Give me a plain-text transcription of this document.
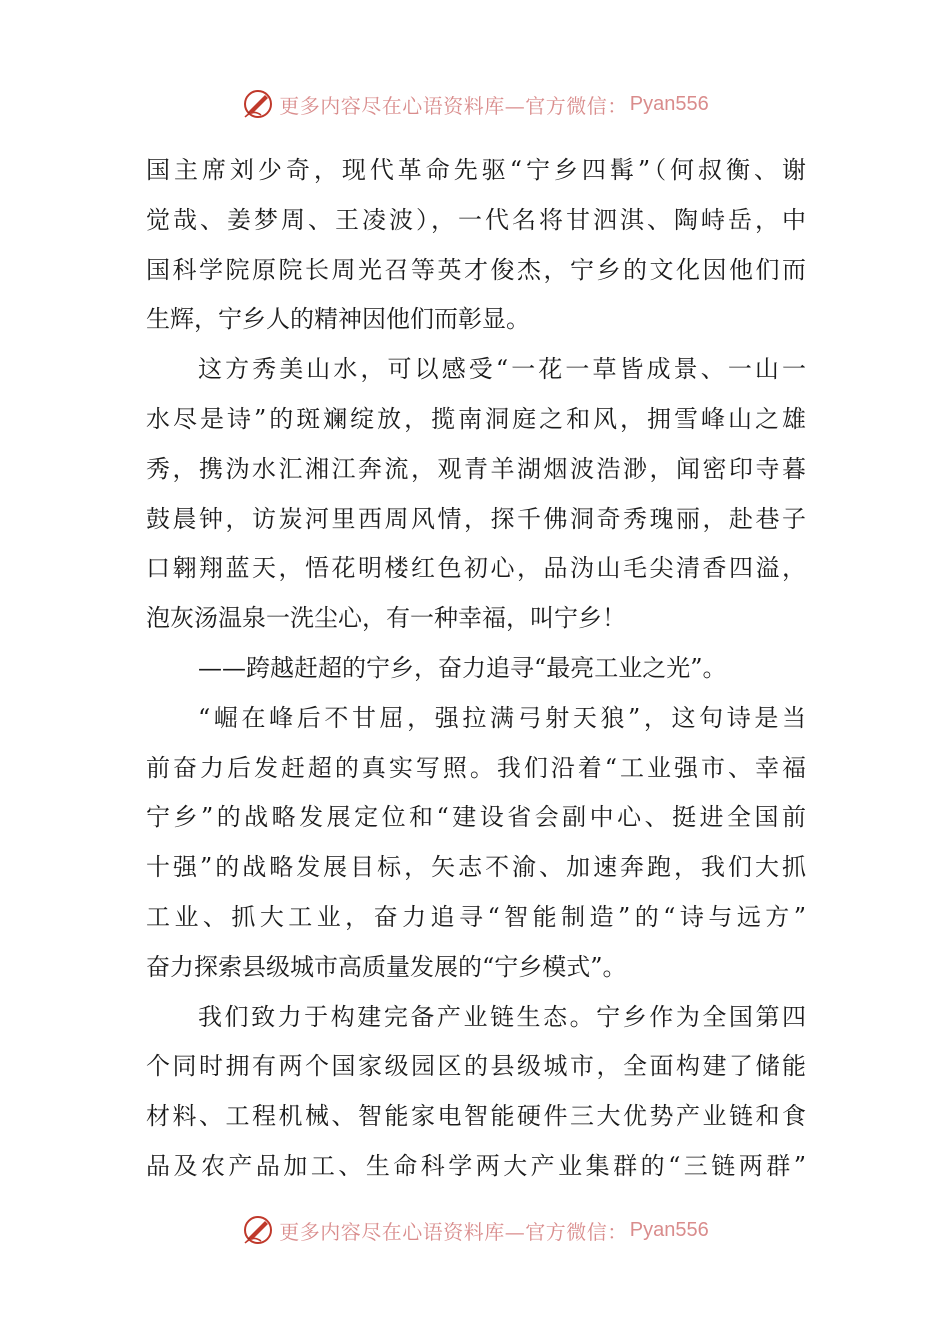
更多内容尽在心语资料库—官方微信： Pyan556
国主席刘少奇，现代革命先驱“宁乡四髯”（何叔衡、谢
觉哉、姜梦周、王凌波），一代名将甘泗淇、陶峙岳，中
国科学院原院长周光召等英才俊杰，宁乡的文化因他们而
生辉，宁乡人的精神因他们而彰显。
这方秀美山水，可以感受“一花一草皆成景、一山一
水尽是诗”的斑斓绽放，揽南洞庭之和风，拥雪峰山之雄
秀，携沩水汇湘江奔流，观青羊湖烟波浩渺，闻密印寺暮
鼓晨钟，访炭河里西周风情，探千佛洞奇秀瑰丽，赴巷子
口翱翔蓝天，悟花明楼红色初心，品沩山毛尖清香四溢，
泡灰汤温泉一洗尘心，有一种幸福，叫宁乡！
——跨越赶超的宁乡，奋力追寻“最亮工业之光”。
“崛在峰后不甘屈，强拉满弓射天狼”，这句诗是当
前奋力后发赶超的真实写照。我们沿着“工业强市、幸福
宁乡”的战略发展定位和“建设省会副中心、挺进全国前
十强”的战略发展目标，矢志不渝、加速奔跑，我们大抓
工业、抓大工业，奋力追寻“智能制造”的“诗与远方”
奋力探索县级城市高质量发展的“宁乡模式”。
我们致力于构建完备产业链生态。宁乡作为全国第四
个同时拥有两个国家级园区的县级城市，全面构建了储能
材料、工程机械、智能家电智能硬件三大优势产业链和食
品及农产品加工、生命科学两大产业集群的“三链两群”
更多内容尽在心语资料库—官方微信： Pyan556
